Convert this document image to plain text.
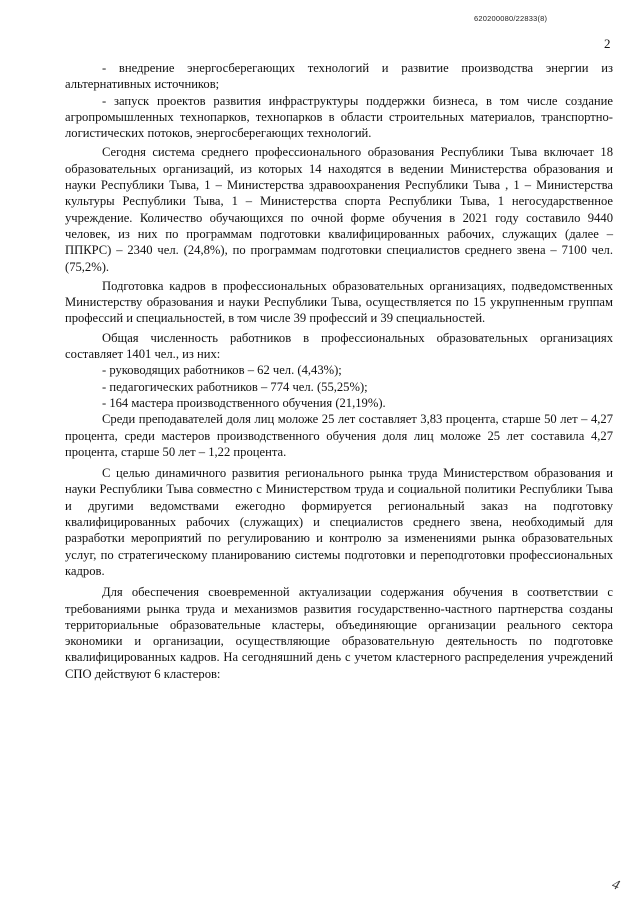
620200080/22833(8)
2

- внедрение энергосберегающих технологий и развитие производства энергии из альтернативных источников;

- запуск проектов развития инфраструктуры поддержки бизнеса, в том числе создание агропромышленных технопарков, технопарков в области строительных материалов, транспортно-логистических потоков, энергосберегающих технологий.

Сегодня система среднего профессионального образования Республики Тыва включает 18 образовательных организаций, из которых 14 находятся в ведении Министерства образования и науки Республики Тыва, 1 – Министерства здравоохранения Республики Тыва , 1 – Министерства культуры Республики Тыва, 1 – Министерства спорта Республики Тыва, 1 негосударственное учреждение. Количество обучающихся по очной форме обучения в 2021 году составило 9440 человек, из них по программам подготовки квалифицированных рабочих, служащих (далее – ППКРС) – 2340 чел. (24,8%), по программам подготовки специалистов среднего звена – 7100 чел. (75,2%).

Подготовка кадров в профессиональных образовательных организациях, подведомственных Министерству образования и науки Республики Тыва, осуществляется по 15 укрупненным группам профессий и специальностей, в том числе 39 профессий и 39 специальностей.

Общая численность работников в профессиональных образовательных организациях составляет 1401 чел., из них:

- руководящих работников – 62 чел. (4,43%);

- педагогических работников – 774 чел. (55,25%);

- 164 мастера производственного обучения (21,19%).

Среди преподавателей доля лиц моложе 25 лет составляет 3,83 процента, старше 50 лет – 4,27 процента, среди мастеров производственного обучения доля лиц моложе 25 лет составила 4,27 процента, старше 50 лет – 1,22 процента.

С целью динамичного развития регионального рынка труда Министерством образования и науки Республики Тыва совместно с Министерством труда и социальной политики Республики Тыва и другими ведомствами ежегодно формируется региональный заказ на подготовку квалифицированных рабочих (служащих) и специалистов среднего звена, необходимый для разработки мероприятий по регулированию и контролю за изменениями рынка образовательных услуг, по стратегическому планированию системы подготовки и переподготовки профессиональных кадров.

Для обеспечения своевременной актуализации содержания обучения в соответствии с требованиями рынка труда и механизмов развития государственно-частного партнерства созданы территориальные образовательные кластеры, объединяющие организации реального сектора экономики и организации, осуществляющие образовательную деятельность по подготовке квалифицированных кадров. На сегодняшний день с учетом кластерного распределения учреждений СПО действуют 6 кластеров:

4
